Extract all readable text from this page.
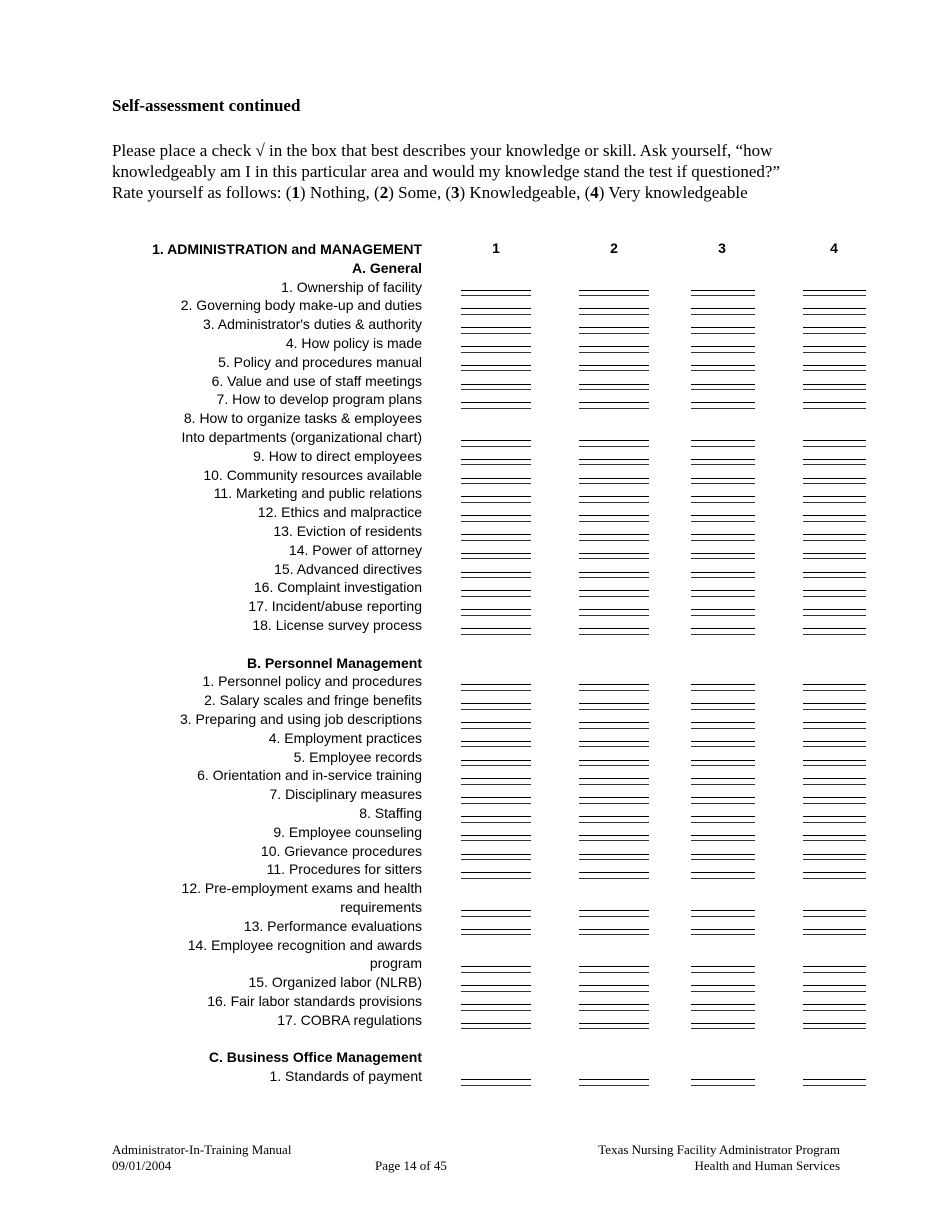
Self-assessment continued

Please place a check √ in the box that best describes your knowledge or skill. Ask yourself, “how

knowledgeably am I in this particular area and would my knowledge stand the test if questioned?”

Rate yourself as follows: (1) Nothing, (2) Some, (3) Knowledgeable, (4) Very knowledgeable

1	2	3	4
1. ADMINISTRATION and MANAGEMENT
A. General
1. Ownership of facility
2. Governing body make-up and duties
3. Administrator's duties & authority
4. How policy is made
5. Policy and procedures manual
6. Value and use of staff meetings
7. How to develop program plans
8. How to organize tasks & employees
Into departments (organizational chart)
9. How to direct employees
10. Community resources available
11. Marketing and public relations
12. Ethics and malpractice
13. Eviction of residents
14. Power of attorney
15. Advanced directives
16. Complaint investigation
17. Incident/abuse reporting
18. License survey process
B. Personnel Management
1. Personnel policy and procedures
2. Salary scales and fringe benefits
3. Preparing and using job descriptions
4. Employment practices
5. Employee records
6. Orientation and in-service training
7. Disciplinary measures
8. Staffing
9. Employee counseling
10. Grievance procedures
11. Procedures for sitters
12. Pre-employment exams and health
requirements
13. Performance evaluations
14. Employee recognition and awards
program
15. Organized labor (NLRB)
16. Fair labor standards provisions
17. COBRA regulations
C. Business Office Management
1. Standards of payment
Administrator-In-Training Manual
09/01/2004	Page 14 of 45
Texas Nursing Facility Administrator Program
Health and Human Services
